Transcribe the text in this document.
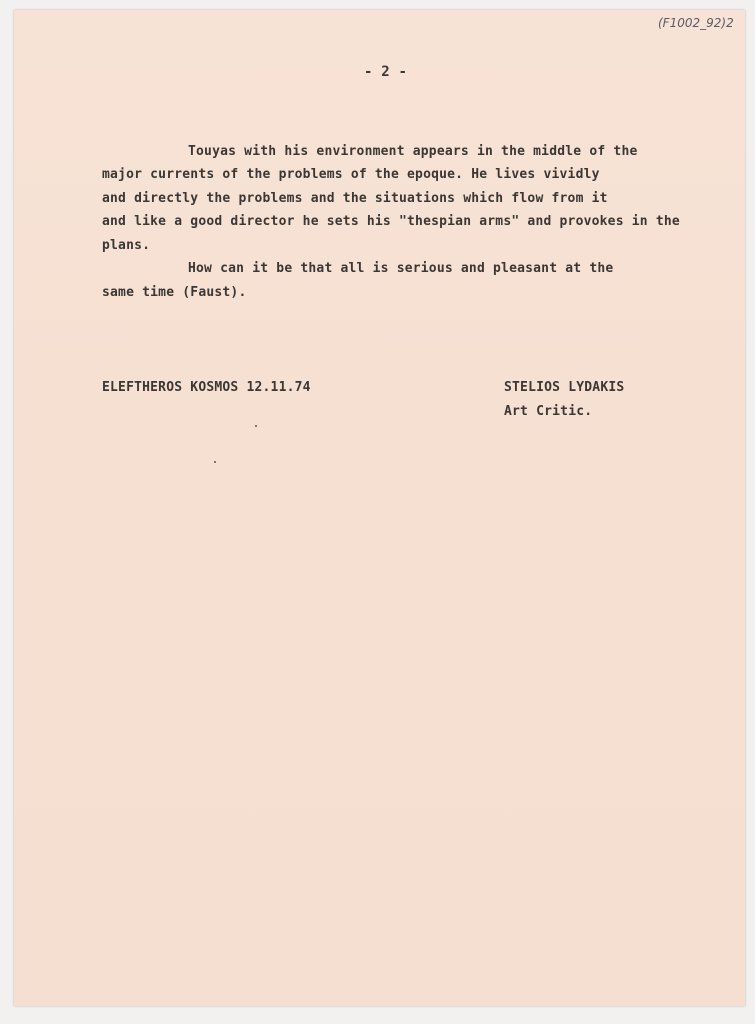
(F1002_92)2
- 2 -
Touyas with his environment appears in the middle of the
major currents of the problems of the epoque. He lives vividly
and directly the problems and the situations which flow from it
and like a good director he sets his "thespian arms" and provokes in the
plans.
How can it be that all is serious and pleasant at the
same time (Faust).
ELEFTHEROS KOSMOS 12.11.74	STELIOS LYDAKIS
Art Critic.
